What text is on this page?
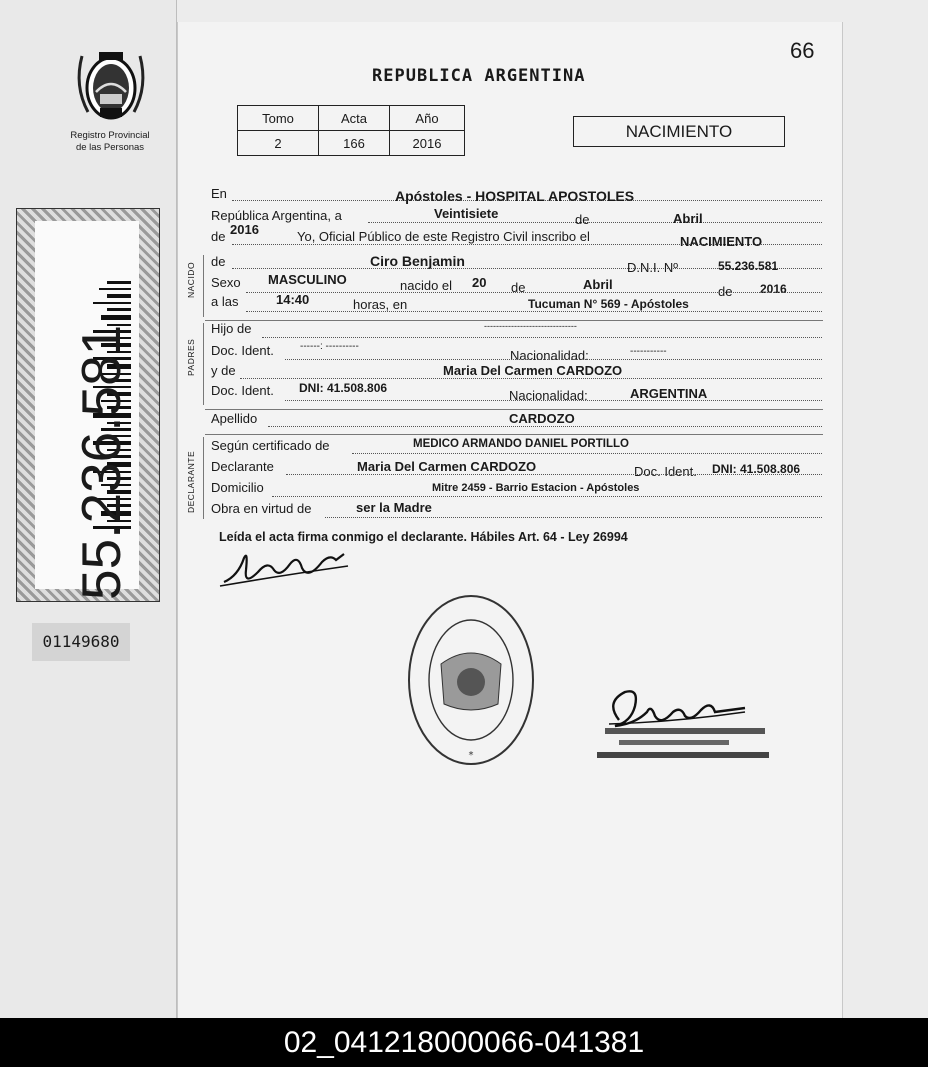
Registro Provincial
de las Personas
55.236.581
01149680
66
REPUBLICA ARGENTINA
Tomo	Acta	Año
2	166	2016
NACIMIENTO
NACIDO
PADRES
DECLARANTE
En	Apóstoles - HOSPITAL APOSTOLES
República Argentina, a	Veintisiete	de	Abril
de 2016	Yo, Oficial Público de este Registro Civil inscribo el	NACIMIENTO
de	Ciro Benjamin	D.N.I. Nº	55.236.581
Sexo MASCULINO	nacido el 20 de	Abril	de 2016
a las	14:40	horas, en	Tucuman N° 569 - Apóstoles
Hijo de	-------------------------------
Doc. Ident.	------: ----------
Nacionalidad:	-----------
y de	Maria Del Carmen CARDOZO
Doc. Ident. DNI: 41.508.806	Nacionalidad:	ARGENTINA
Apellido	CARDOZO
Según certificado de	MEDICO ARMANDO DANIEL PORTILLO
Declarante	Maria Del Carmen CARDOZO	Doc. Ident. DNI: 41.508.806
Domicilio	Mitre 2459 - Barrio Estacion - Apóstoles
Obra en virtud de	ser la Madre
Leída el acta firma conmigo el declarante. Hábiles Art. 64 - Ley 26994
*
02_041218000066-041381
